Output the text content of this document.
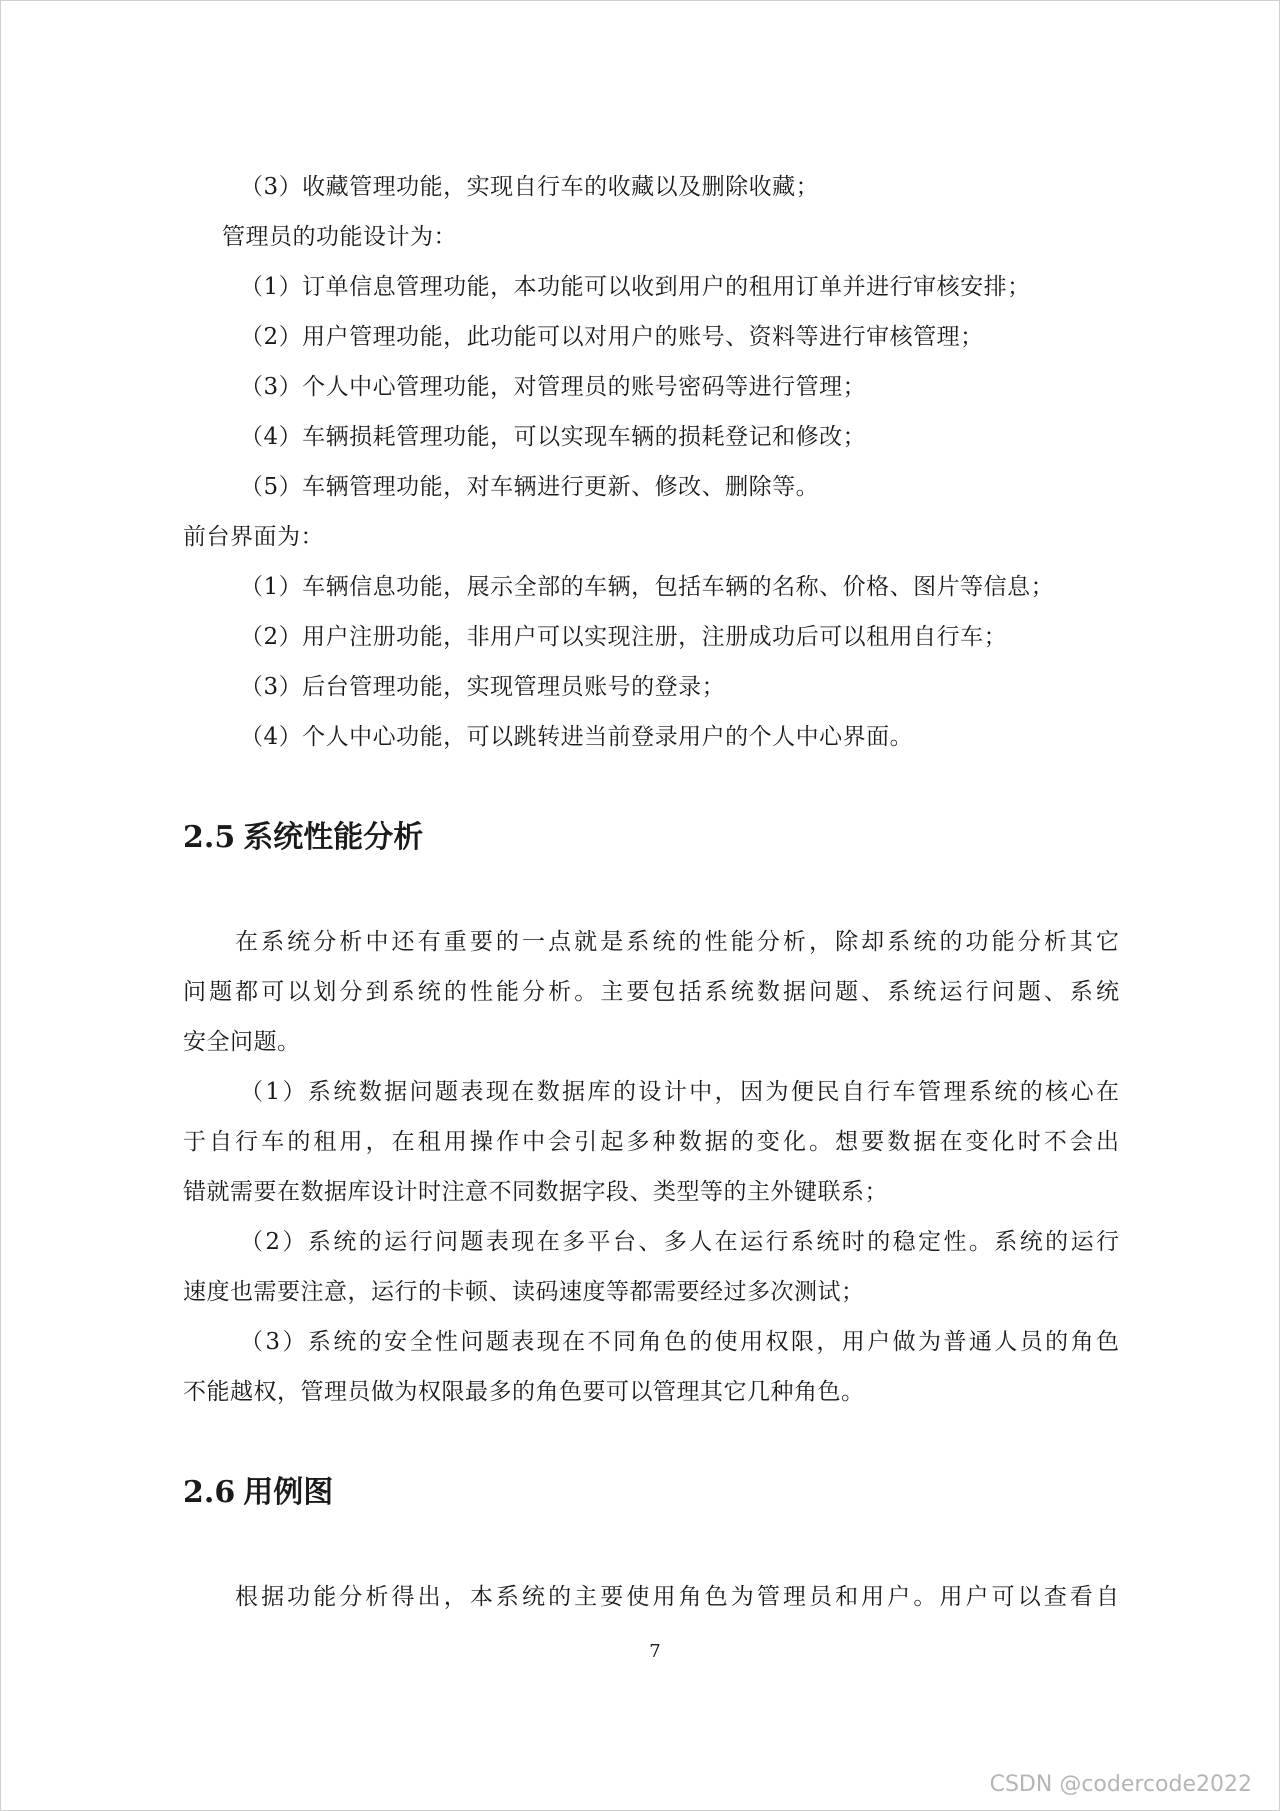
（3）收藏管理功能，实现自行车的收藏以及删除收藏；
管理员的功能设计为：
（1）订单信息管理功能，本功能可以收到用户的租用订单并进行审核安排；
（2）用户管理功能，此功能可以对用户的账号、资料等进行审核管理；
（3）个人中心管理功能，对管理员的账号密码等进行管理；
（4）车辆损耗管理功能，可以实现车辆的损耗登记和修改；
（5）车辆管理功能，对车辆进行更新、修改、删除等。
前台界面为：
（1）车辆信息功能，展示全部的车辆，包括车辆的名称、价格、图片等信息；
（2）用户注册功能，非用户可以实现注册，注册成功后可以租用自行车；
（3）后台管理功能，实现管理员账号的登录；
（4）个人中心功能，可以跳转进当前登录用户的个人中心界面。
2.5 系统性能分析
在系统分析中还有重要的一点就是系统的性能分析，除却系统的功能分析其它
问题都可以划分到系统的性能分析。主要包括系统数据问题、系统运行问题、系统
安全问题。
（1）系统数据问题表现在数据库的设计中，因为便民自行车管理系统的核心在
于自行车的租用，在租用操作中会引起多种数据的变化。想要数据在变化时不会出
错就需要在数据库设计时注意不同数据字段、类型等的主外键联系；
（2）系统的运行问题表现在多平台、多人在运行系统时的稳定性。系统的运行
速度也需要注意，运行的卡顿、读码速度等都需要经过多次测试；
（3）系统的安全性问题表现在不同角色的使用权限，用户做为普通人员的角色
不能越权，管理员做为权限最多的角色要可以管理其它几种角色。
2.6 用例图
根据功能分析得出，本系统的主要使用角色为管理员和用户。用户可以查看自
7
CSDN @codercode2022
